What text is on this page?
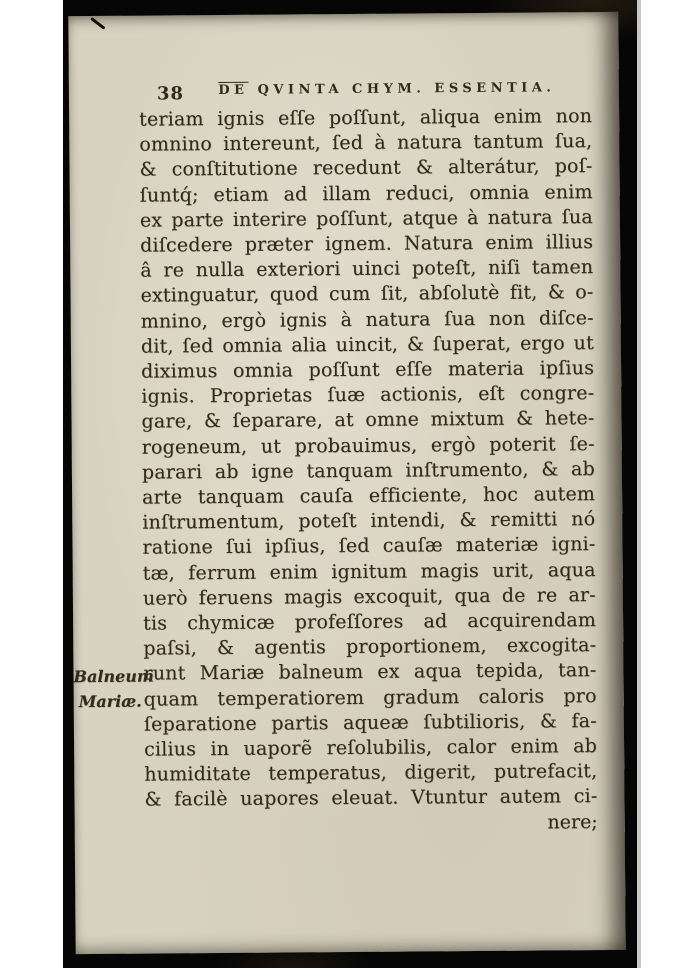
38	$\overline{DE}$ QVINTA CHYM. ESSENTIA.
Balneum
Mariæ.
teriam ignis eſſe poſſunt, aliqua enim non
omnino intereunt, ſed à natura tantum ſua,
& conſtitutione recedunt & alterátur, poſ-
ſuntq́; etiam ad illam reduci, omnia enim
ex parte interire poſſunt, atque à natura ſua
diſcedere præter ignem. Natura enim illius
â re nulla exteriori uinci poteſt, niſi tamen
extinguatur, quod cum ſit, abſolutè fit, & o-
mnino, ergò ignis à natura ſua non diſce-
dit, ſed omnia alia uincit, & ſuperat, ergo ut
diximus omnia poſſunt eſſe materia ipſius
ignis. Proprietas ſuæ actionis, eſt congre-
gare, & ſeparare, at omne mixtum & hete-
rogeneum, ut probauimus, ergò poterit ſe-
parari ab igne tanquam inſtrumento, & ab
arte tanquam cauſa efficiente, hoc autem
inſtrumentum, poteſt intendi, & remitti nó
ratione ſui ipſius, ſed cauſæ materiæ igni-
tæ, ferrum enim ignitum magis urit, aqua
uerò feruens magis excoquit, qua de re ar-
tis chymicæ profeſſores ad acquirendam
paſsi, & agentis proportionem, excogita-
runt Mariæ balneum ex aqua tepida, tan-
quam temperatiorem gradum caloris pro
ſeparatione partis aqueæ ſubtilioris, & fa-
cilius in uaporẽ reſolubilis, calor enim ab
humiditate temperatus, digerit, putrefacit,
& facilè uapores eleuat. Vtuntur autem ci-
nere;
